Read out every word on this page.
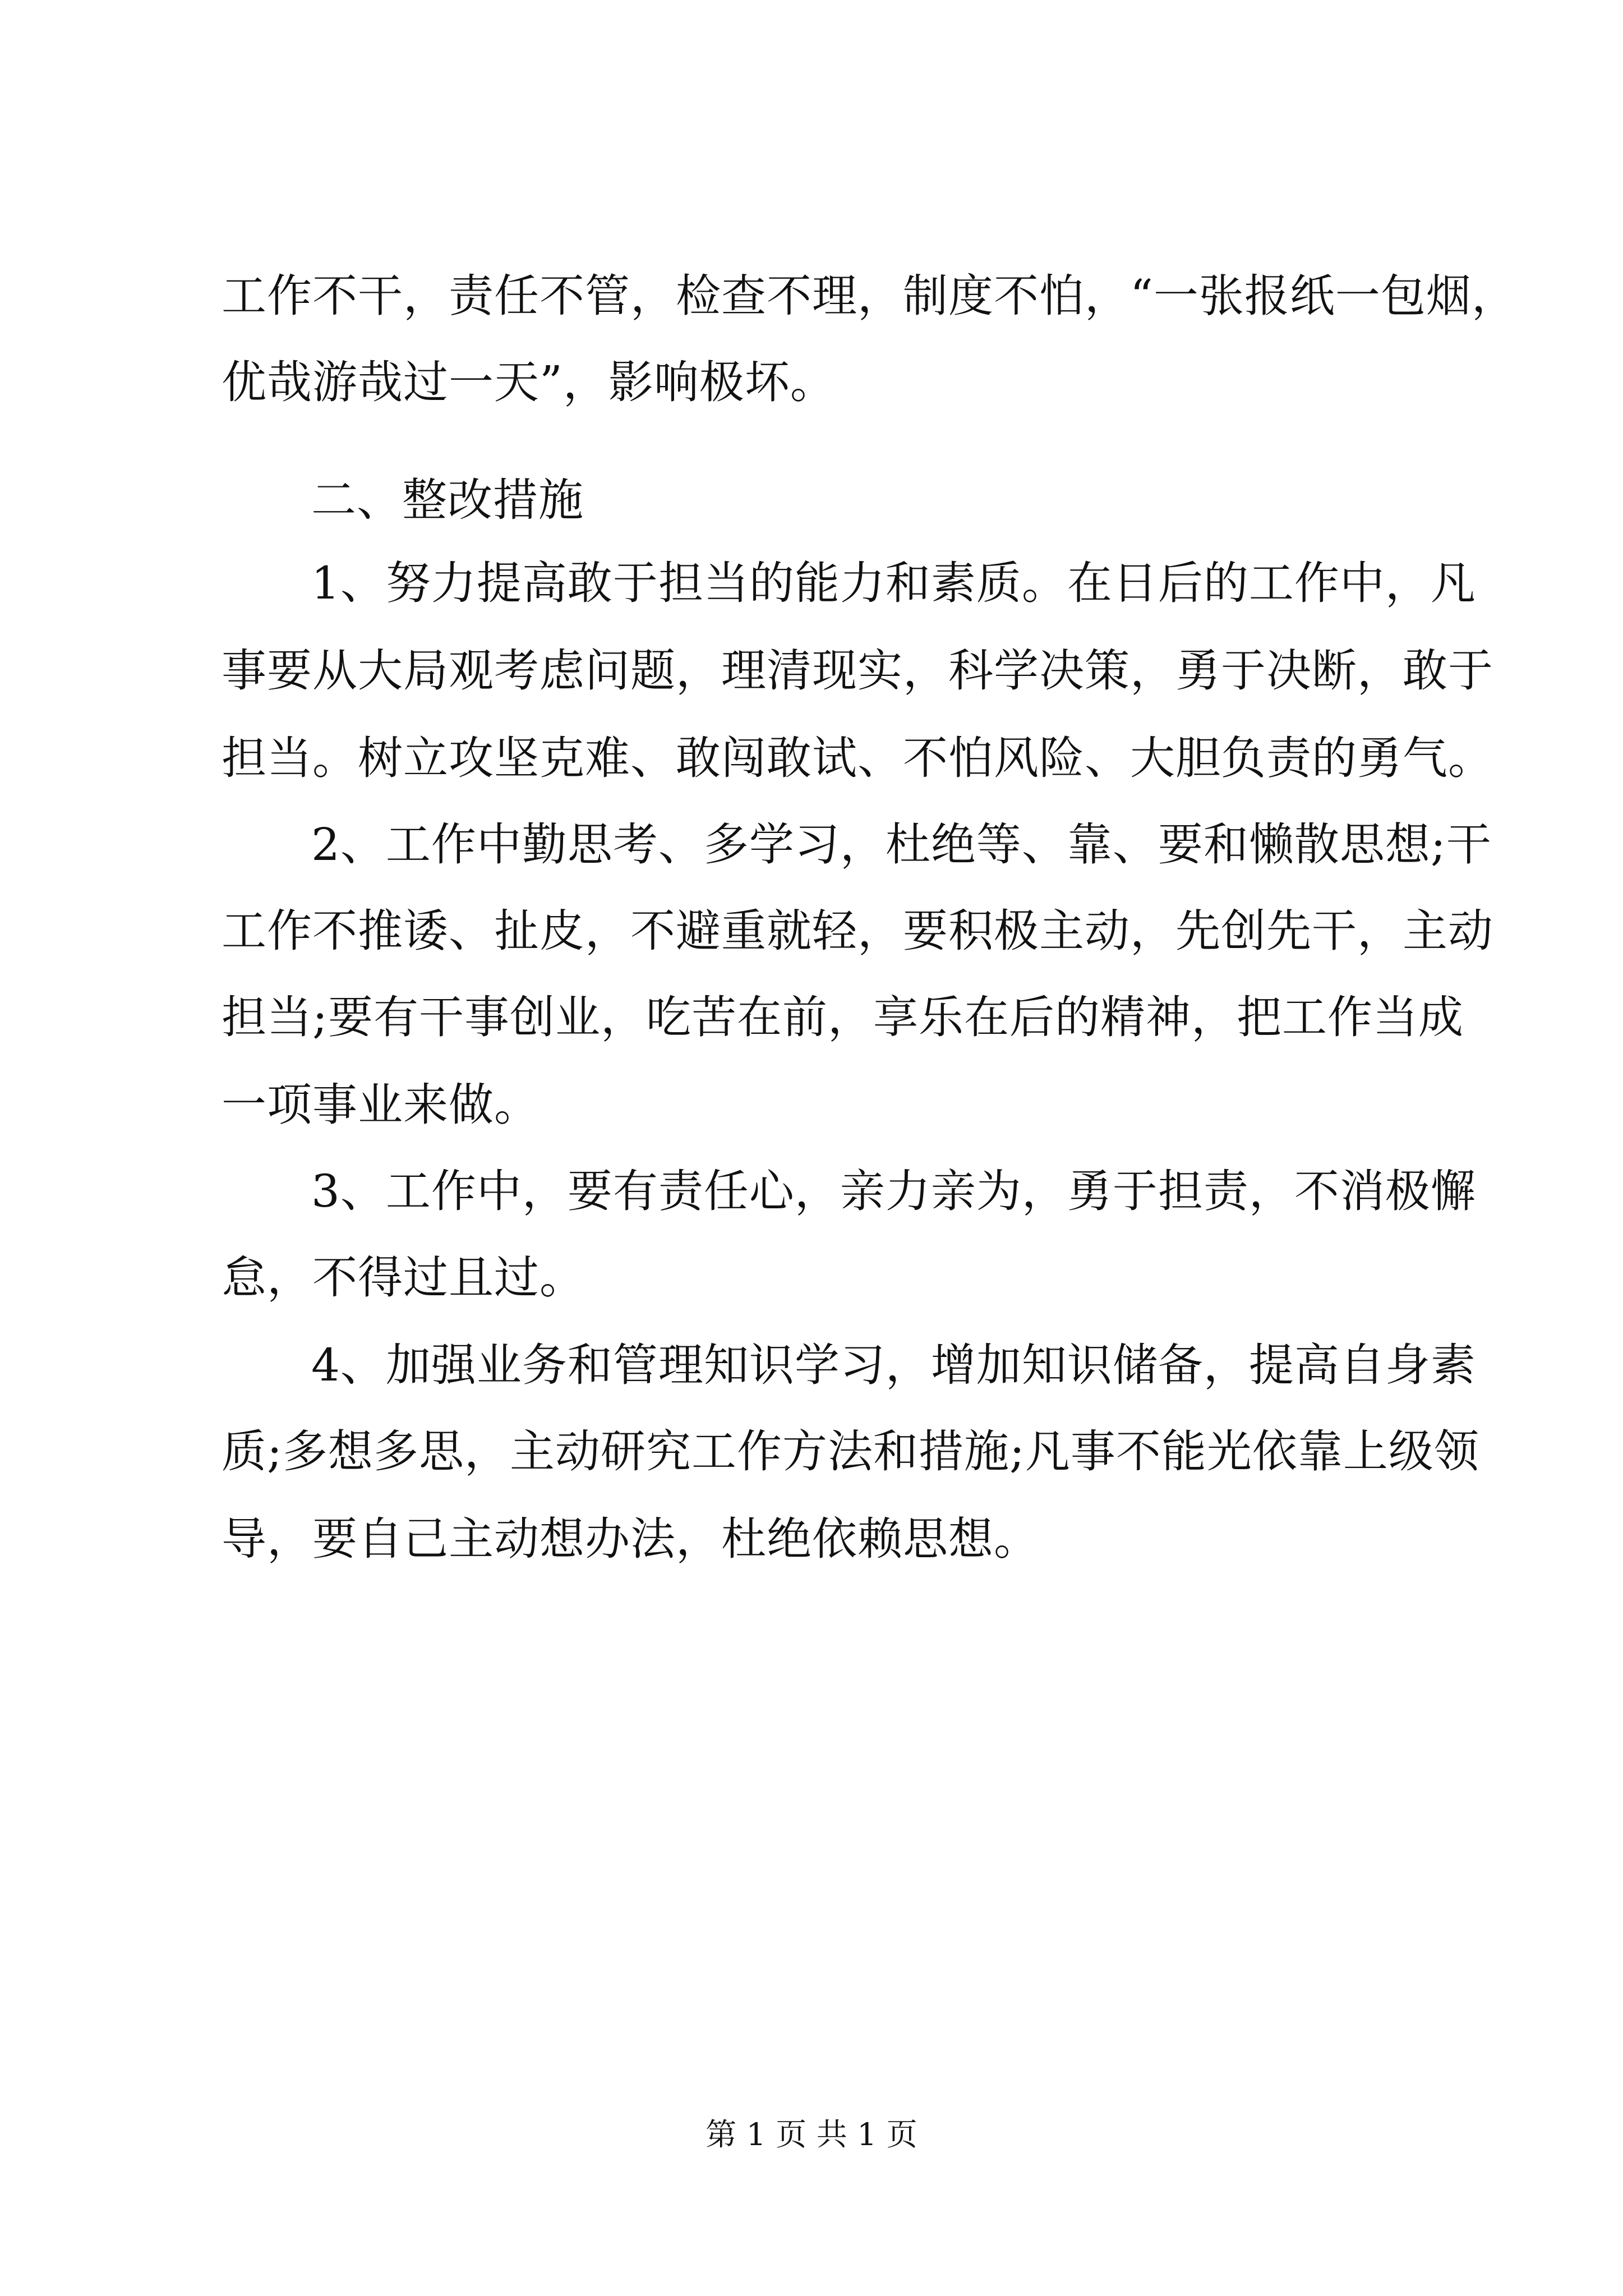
工作不干，责任不管，检查不理，制度不怕，“一张报纸一包烟，

优哉游哉过一天”，影响极坏。

二、整改措施

1、努力提高敢于担当的能力和素质。在日后的工作中，凡

事要从大局观考虑问题，理清现实，科学决策，勇于决断，敢于

担当。树立攻坚克难、敢闯敢试、不怕风险、大胆负责的勇气。

2、工作中勤思考、多学习，杜绝等、靠、要和懒散思想;干

工作不推诿、扯皮，不避重就轻，要积极主动，先创先干，主动

担当;要有干事创业，吃苦在前，享乐在后的精神，把工作当成

一项事业来做。

3、工作中，要有责任心，亲力亲为，勇于担责，不消极懈

怠，不得过且过。

4、加强业务和管理知识学习，增加知识储备，提高自身素

质;多想多思，主动研究工作方法和措施;凡事不能光依靠上级领

导，要自己主动想办法，杜绝依赖思想。

第 1 页 共 1 页
